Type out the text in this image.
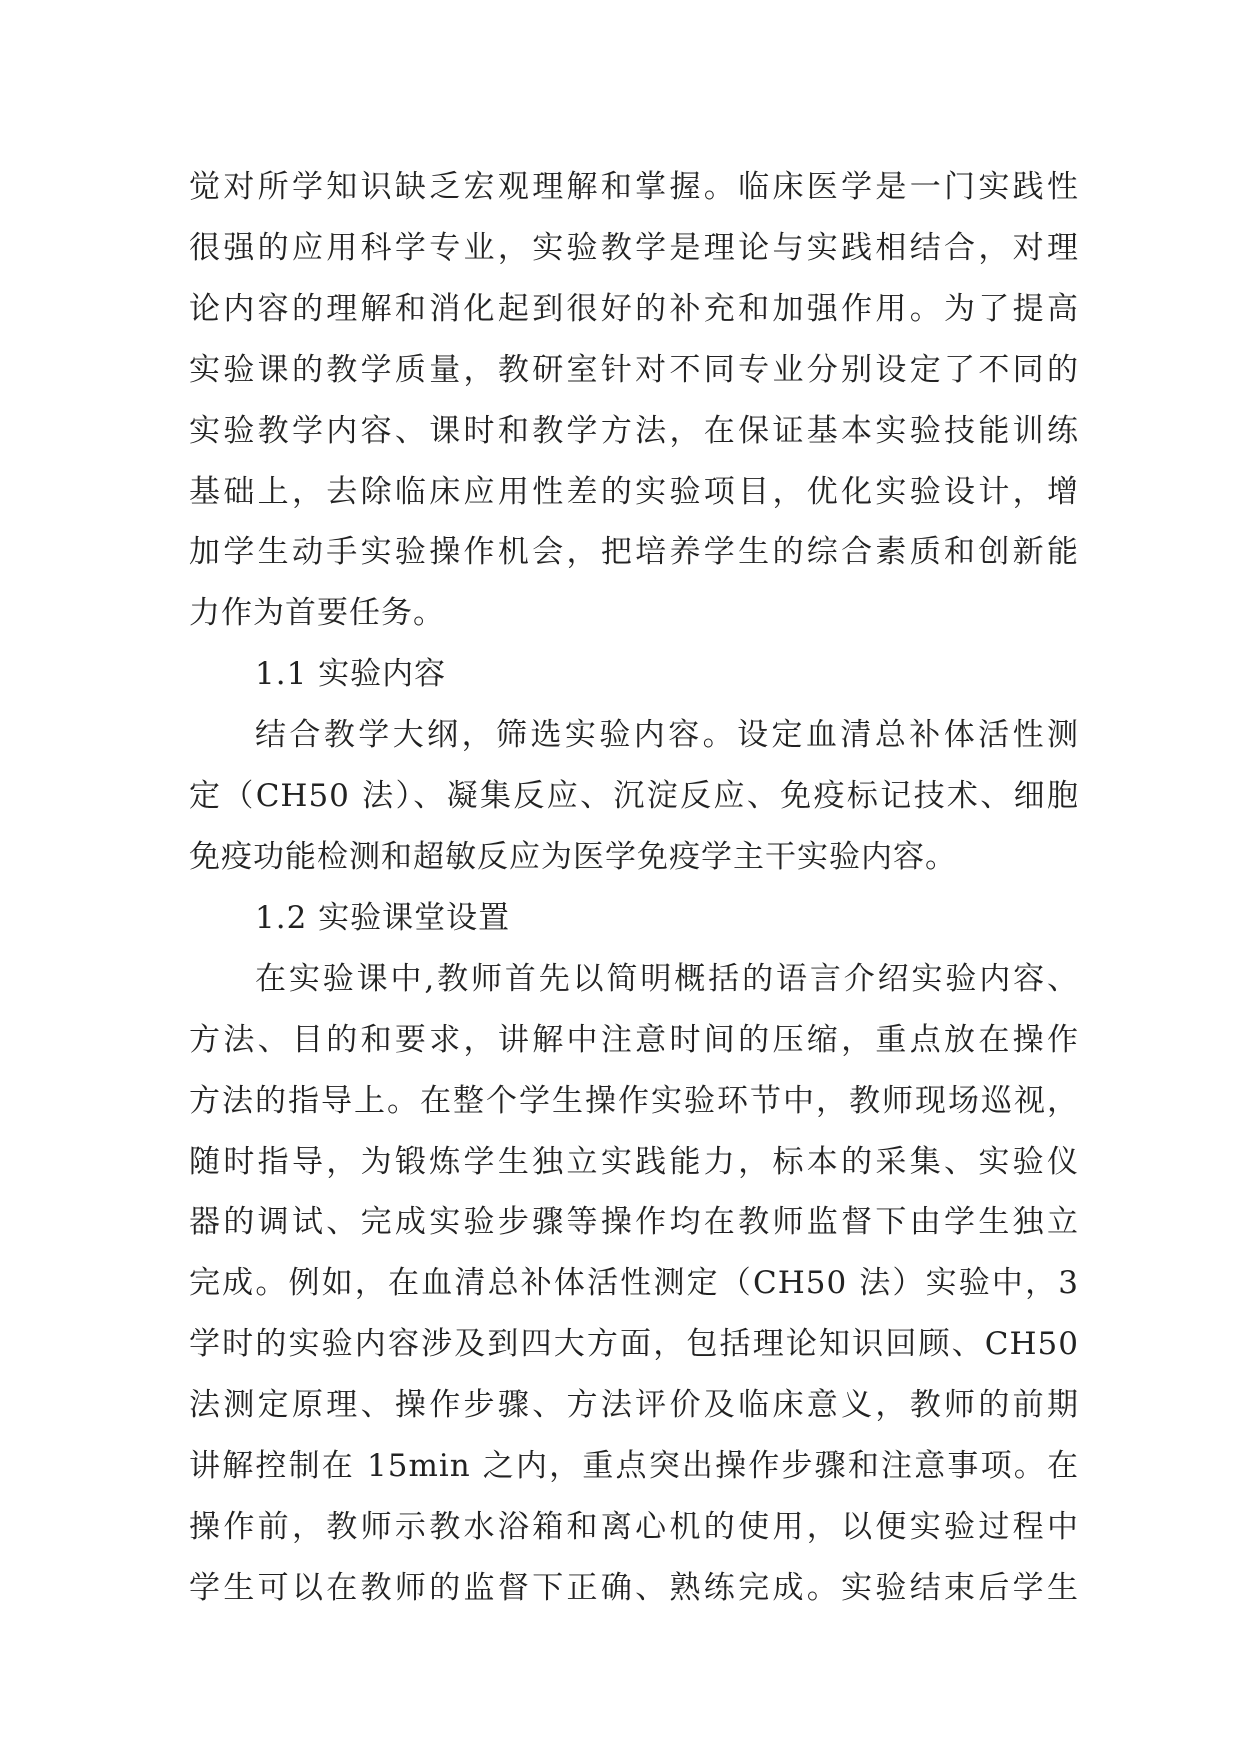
觉对所学知识缺乏宏观理解和掌握。临床医学是一门实践性
很强的应用科学专业，实验教学是理论与实践相结合，对理
论内容的理解和消化起到很好的补充和加强作用。为了提高
实验课的教学质量，教研室针对不同专业分别设定了不同的
实验教学内容、课时和教学方法，在保证基本实验技能训练
基础上，去除临床应用性差的实验项目，优化实验设计，增
加学生动手实验操作机会，把培养学生的综合素质和创新能
力作为首要任务。
1.1 实验内容
结合教学大纲，筛选实验内容。设定血清总补体活性测
定（CH50 法）、凝集反应、沉淀反应、免疫标记技术、细胞
免疫功能检测和超敏反应为医学免疫学主干实验内容。
1.2 实验课堂设置
在实验课中,教师首先以简明概括的语言介绍实验内容、
方法、目的和要求，讲解中注意时间的压缩，重点放在操作
方法的指导上。在整个学生操作实验环节中，教师现场巡视，
随时指导，为锻炼学生独立实践能力，标本的采集、实验仪
器的调试、完成实验步骤等操作均在教师监督下由学生独立
完成。例如，在血清总补体活性测定（CH50 法）实验中，3
学时的实验内容涉及到四大方面，包括理论知识回顾、CH50
法测定原理、操作步骤、方法评价及临床意义，教师的前期
讲解控制在 15min 之内，重点突出操作步骤和注意事项。在
操作前，教师示教水浴箱和离心机的使用，以便实验过程中
学生可以在教师的监督下正确、熟练完成。实验结束后学生
